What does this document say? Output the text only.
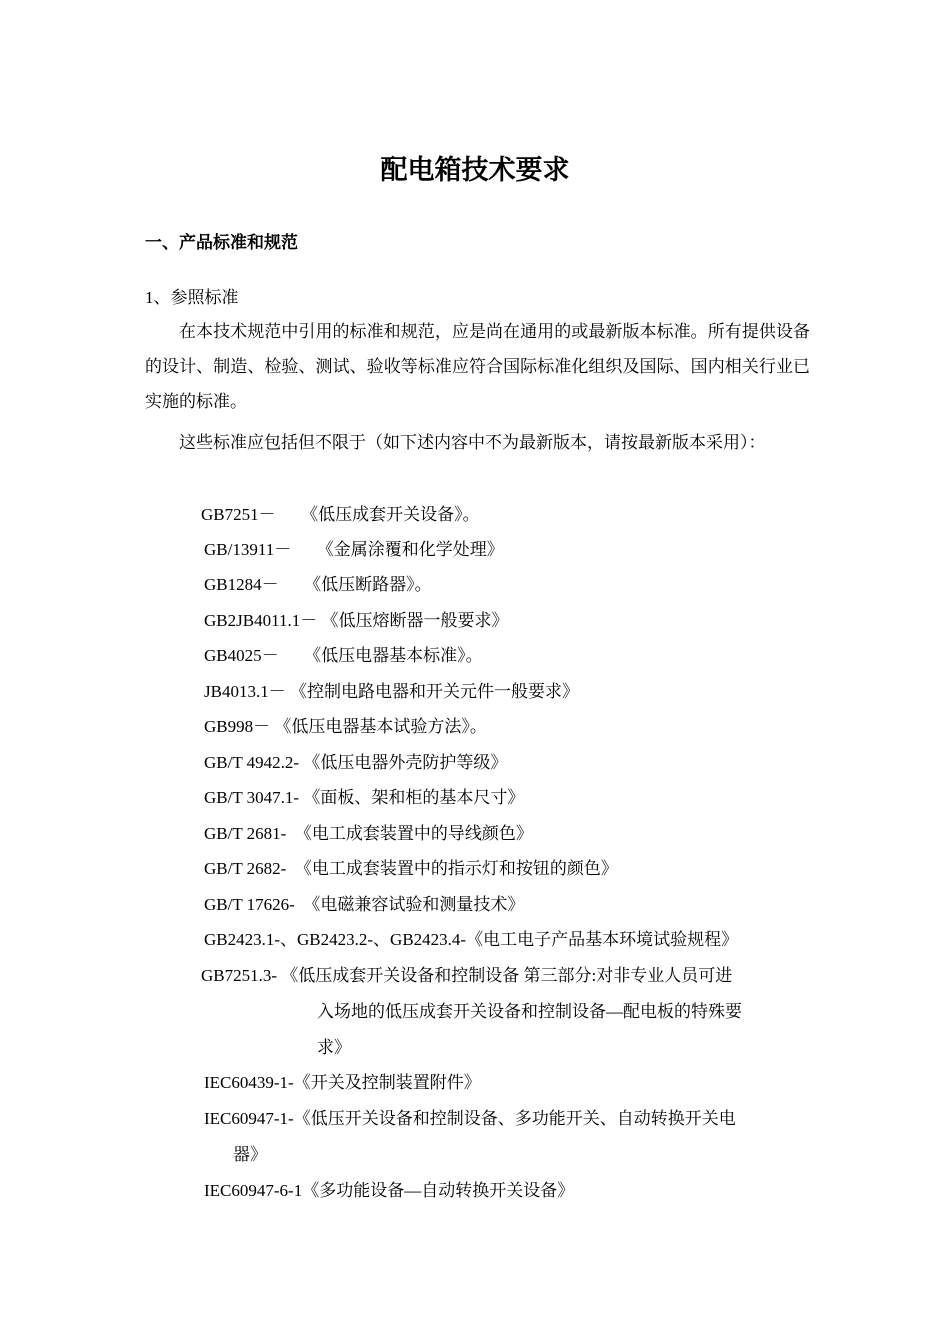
配电箱技术要求
一、产品标准和规范
1、参照标准
在本技术规范中引用的标准和规范，应是尚在通用的或最新版本标准。所有提供设备的设计、制造、检验、测试、验收等标准应符合国际标准化组织及国际、国内相关行业已实施的标准。
这些标准应包括但不限于（如下述内容中不为最新版本，请按最新版本采用）：
GB7251－　　 《低压成套开关设备》。
GB/13911－　　 《金属涂覆和化学处理》
GB1284－　　 《低压断路器》。
GB2JB4011.1－ 《低压熔断器一般要求》
GB4025－　　 《低压电器基本标准》。
JB4013.1－ 《控制电路电器和开关元件一般要求》
GB998－ 《低压电器基本试验方法》。
GB/T 4942.2- 《低压电器外壳防护等级》
GB/T 3047.1- 《面板、架和柜的基本尺寸》
GB/T 2681- 《电工成套装置中的导线颜色》
GB/T 2682- 《电工成套装置中的指示灯和按钮的颜色》
GB/T 17626- 《电磁兼容试验和测量技术》
GB2423.1-、GB2423.2-、GB2423.4-《电工电子产品基本环境试验规程》
GB7251.3- 《低压成套开关设备和控制设备 第三部分:对非专业人员可进
入场地的低压成套开关设备和控制设备—配电板的特殊要
求》
IEC60439-1-《开关及控制装置附件》
IEC60947-1-《低压开关设备和控制设备、多功能开关、自动转换开关电
器》
IEC60947-6-1《多功能设备—自动转换开关设备》
